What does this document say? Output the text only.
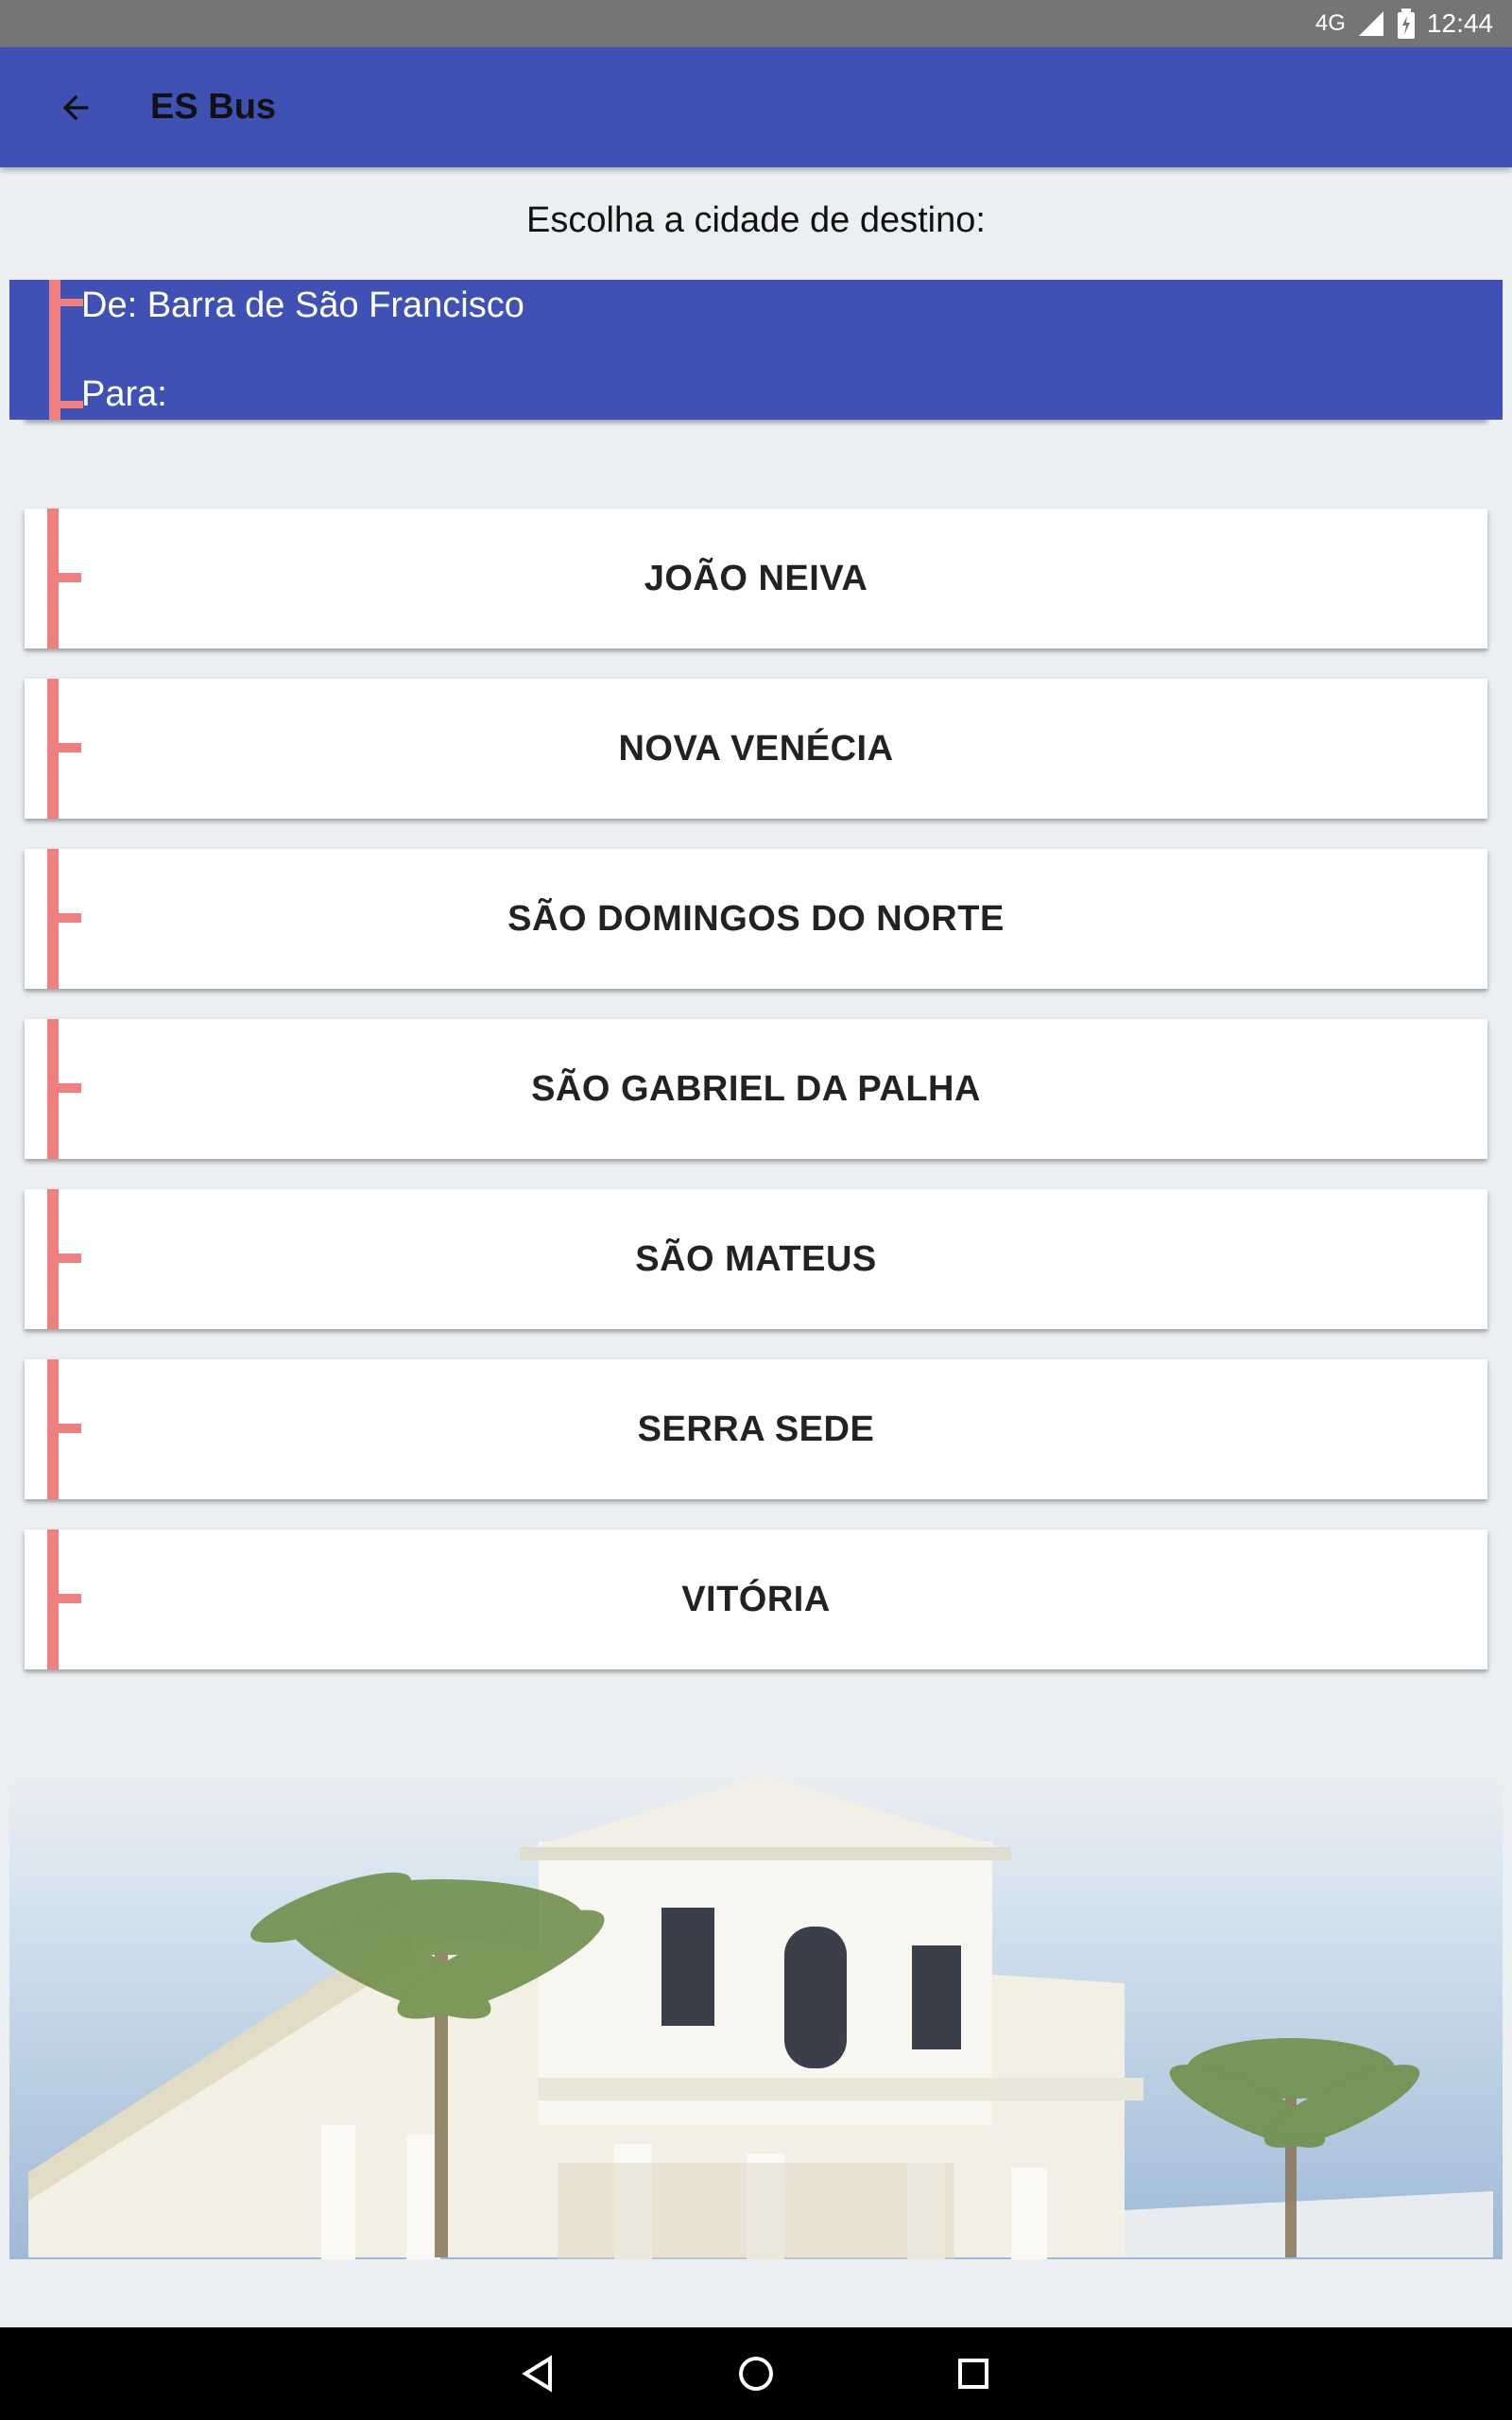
4G	12:44
ES Bus
Escolha a cidade de destino:
JOÃO NEIVA
NOVA VENÉCIA
SÃO DOMINGOS DO NORTE
SÃO GABRIEL DA PALHA
SÃO MATEUS
SERRA SEDE
VITÓRIA
De: Barra de São Francisco
Para:
